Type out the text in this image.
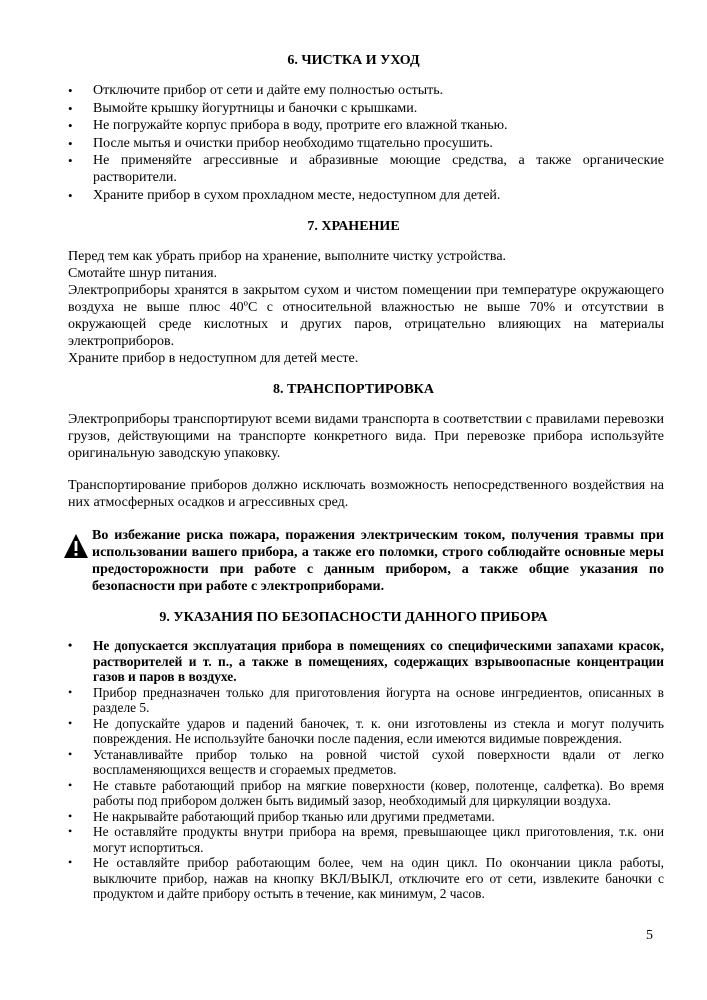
6. ЧИСТКА И УХОД
• Отключите прибор от сети и дайте ему полностью остыть.
• Вымойте крышку йогуртницы и баночки с крышками.
• Не погружайте корпус прибора в воду, протрите его влажной тканью.
• После мытья и очистки прибор необходимо тщательно просушить.
• Не применяйте агрессивные и абразивные моющие средства, а также органические растворители.
• Храните прибор в сухом прохладном месте, недоступном для детей.
7. ХРАНЕНИЕ

Перед тем как убрать прибор на хранение, выполните чистку устройства.

Смотайте шнур питания.

Электроприборы хранятся в закрытом сухом и чистом помещении при температуре окружающего воздуха не выше плюс 40ºС с относительной влажностью не выше 70% и отсутствии в окружающей среде кислотных и других паров, отрицательно влияющих на материалы электроприборов.

Храните прибор в недоступном для детей месте.

8. ТРАНСПОРТИРОВКА
Электроприборы транспортируют всеми видами транспорта в соответствии с правилами перевозки грузов, действующими на транспорте конкретного вида. При перевозке прибора используйте оригинальную заводскую упаковку.
Транспортирование приборов должно исключать возможность непосредственного воздействия на них атмосферных осадков и агрессивных сред.
Во избежание риска пожара, поражения электрическим током, получения травмы при использовании вашего прибора, а также его поломки, строго соблюдайте основные меры предосторожности при работе с данным прибором, а также общие указания по безопасности при работе с электроприборами.
9. УКАЗАНИЯ ПО БЕЗОПАСНОСТИ ДАННОГО ПРИБОРА
• Не допускается эксплуатация прибора в помещениях со специфическими запахами красок, растворителей и т. п., а также в помещениях, содержащих взрывоопасные концентрации газов и паров в воздухе.
• Прибор предназначен только для приготовления йогурта на основе ингредиентов, описанных в разделе 5.
• Не допускайте ударов и падений баночек, т. к. они изготовлены из стекла и могут получить повреждения. Не используйте баночки после падения, если имеются видимые повреждения.
• Устанавливайте прибор только на ровной чистой сухой поверхности вдали от легко воспламеняющихся веществ и сгораемых предметов.
• Не ставьте работающий прибор на мягкие поверхности (ковер, полотенце, салфетка). Во время работы под прибором должен быть видимый зазор, необходимый для циркуляции воздуха.
• Не накрывайте работающий прибор тканью или другими предметами.
• Не оставляйте продукты внутри прибора на время, превышающее цикл приготовления, т.к. они могут испортиться.
• Не оставляйте прибор работающим более, чем на один цикл. По окончании цикла работы, выключите прибор, нажав на кнопку ВКЛ/ВЫКЛ, отключите его от сети, извлеките баночки с продуктом и дайте прибору остыть в течение, как минимум, 2 часов.
5
